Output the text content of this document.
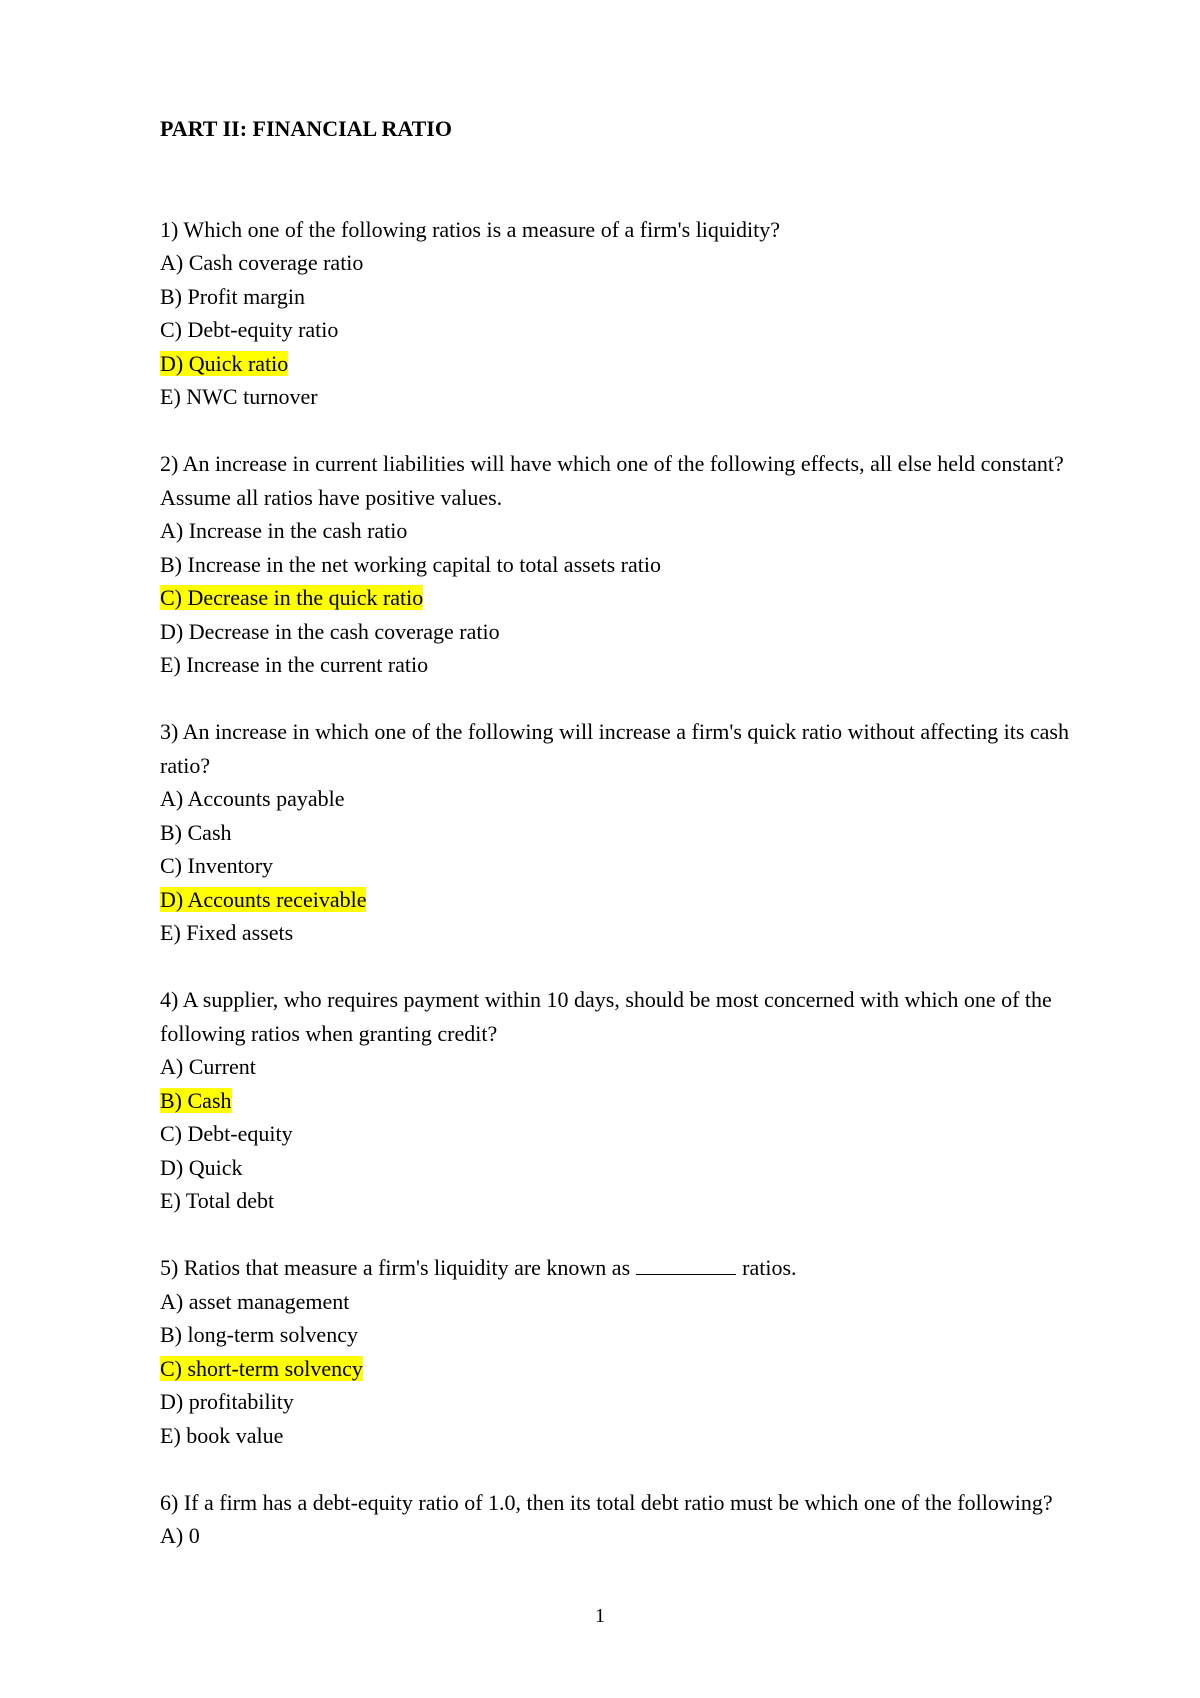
PART II: FINANCIAL RATIO
1) Which one of the following ratios is a measure of a firm's liquidity?
A) Cash coverage ratio
B) Profit margin
C) Debt-equity ratio
D) Quick ratio
E) NWC turnover
2) An increase in current liabilities will have which one of the following effects, all else held constant? Assume all ratios have positive values.
A) Increase in the cash ratio
B) Increase in the net working capital to total assets ratio
C) Decrease in the quick ratio
D) Decrease in the cash coverage ratio
E) Increase in the current ratio
3) An increase in which one of the following will increase a firm's quick ratio without affecting its cash ratio?
A) Accounts payable
B) Cash
C) Inventory
D) Accounts receivable
E) Fixed assets
4) A supplier, who requires payment within 10 days, should be most concerned with which one of the following ratios when granting credit?
A) Current
B) Cash
C) Debt-equity
D) Quick
E) Total debt
5) Ratios that measure a firm's liquidity are known as	ratios.
A) asset management
B) long-term solvency
C) short-term solvency
D) profitability
E) book value
6) If a firm has a debt-equity ratio of 1.0, then its total debt ratio must be which one of the following?
A) 0
1
